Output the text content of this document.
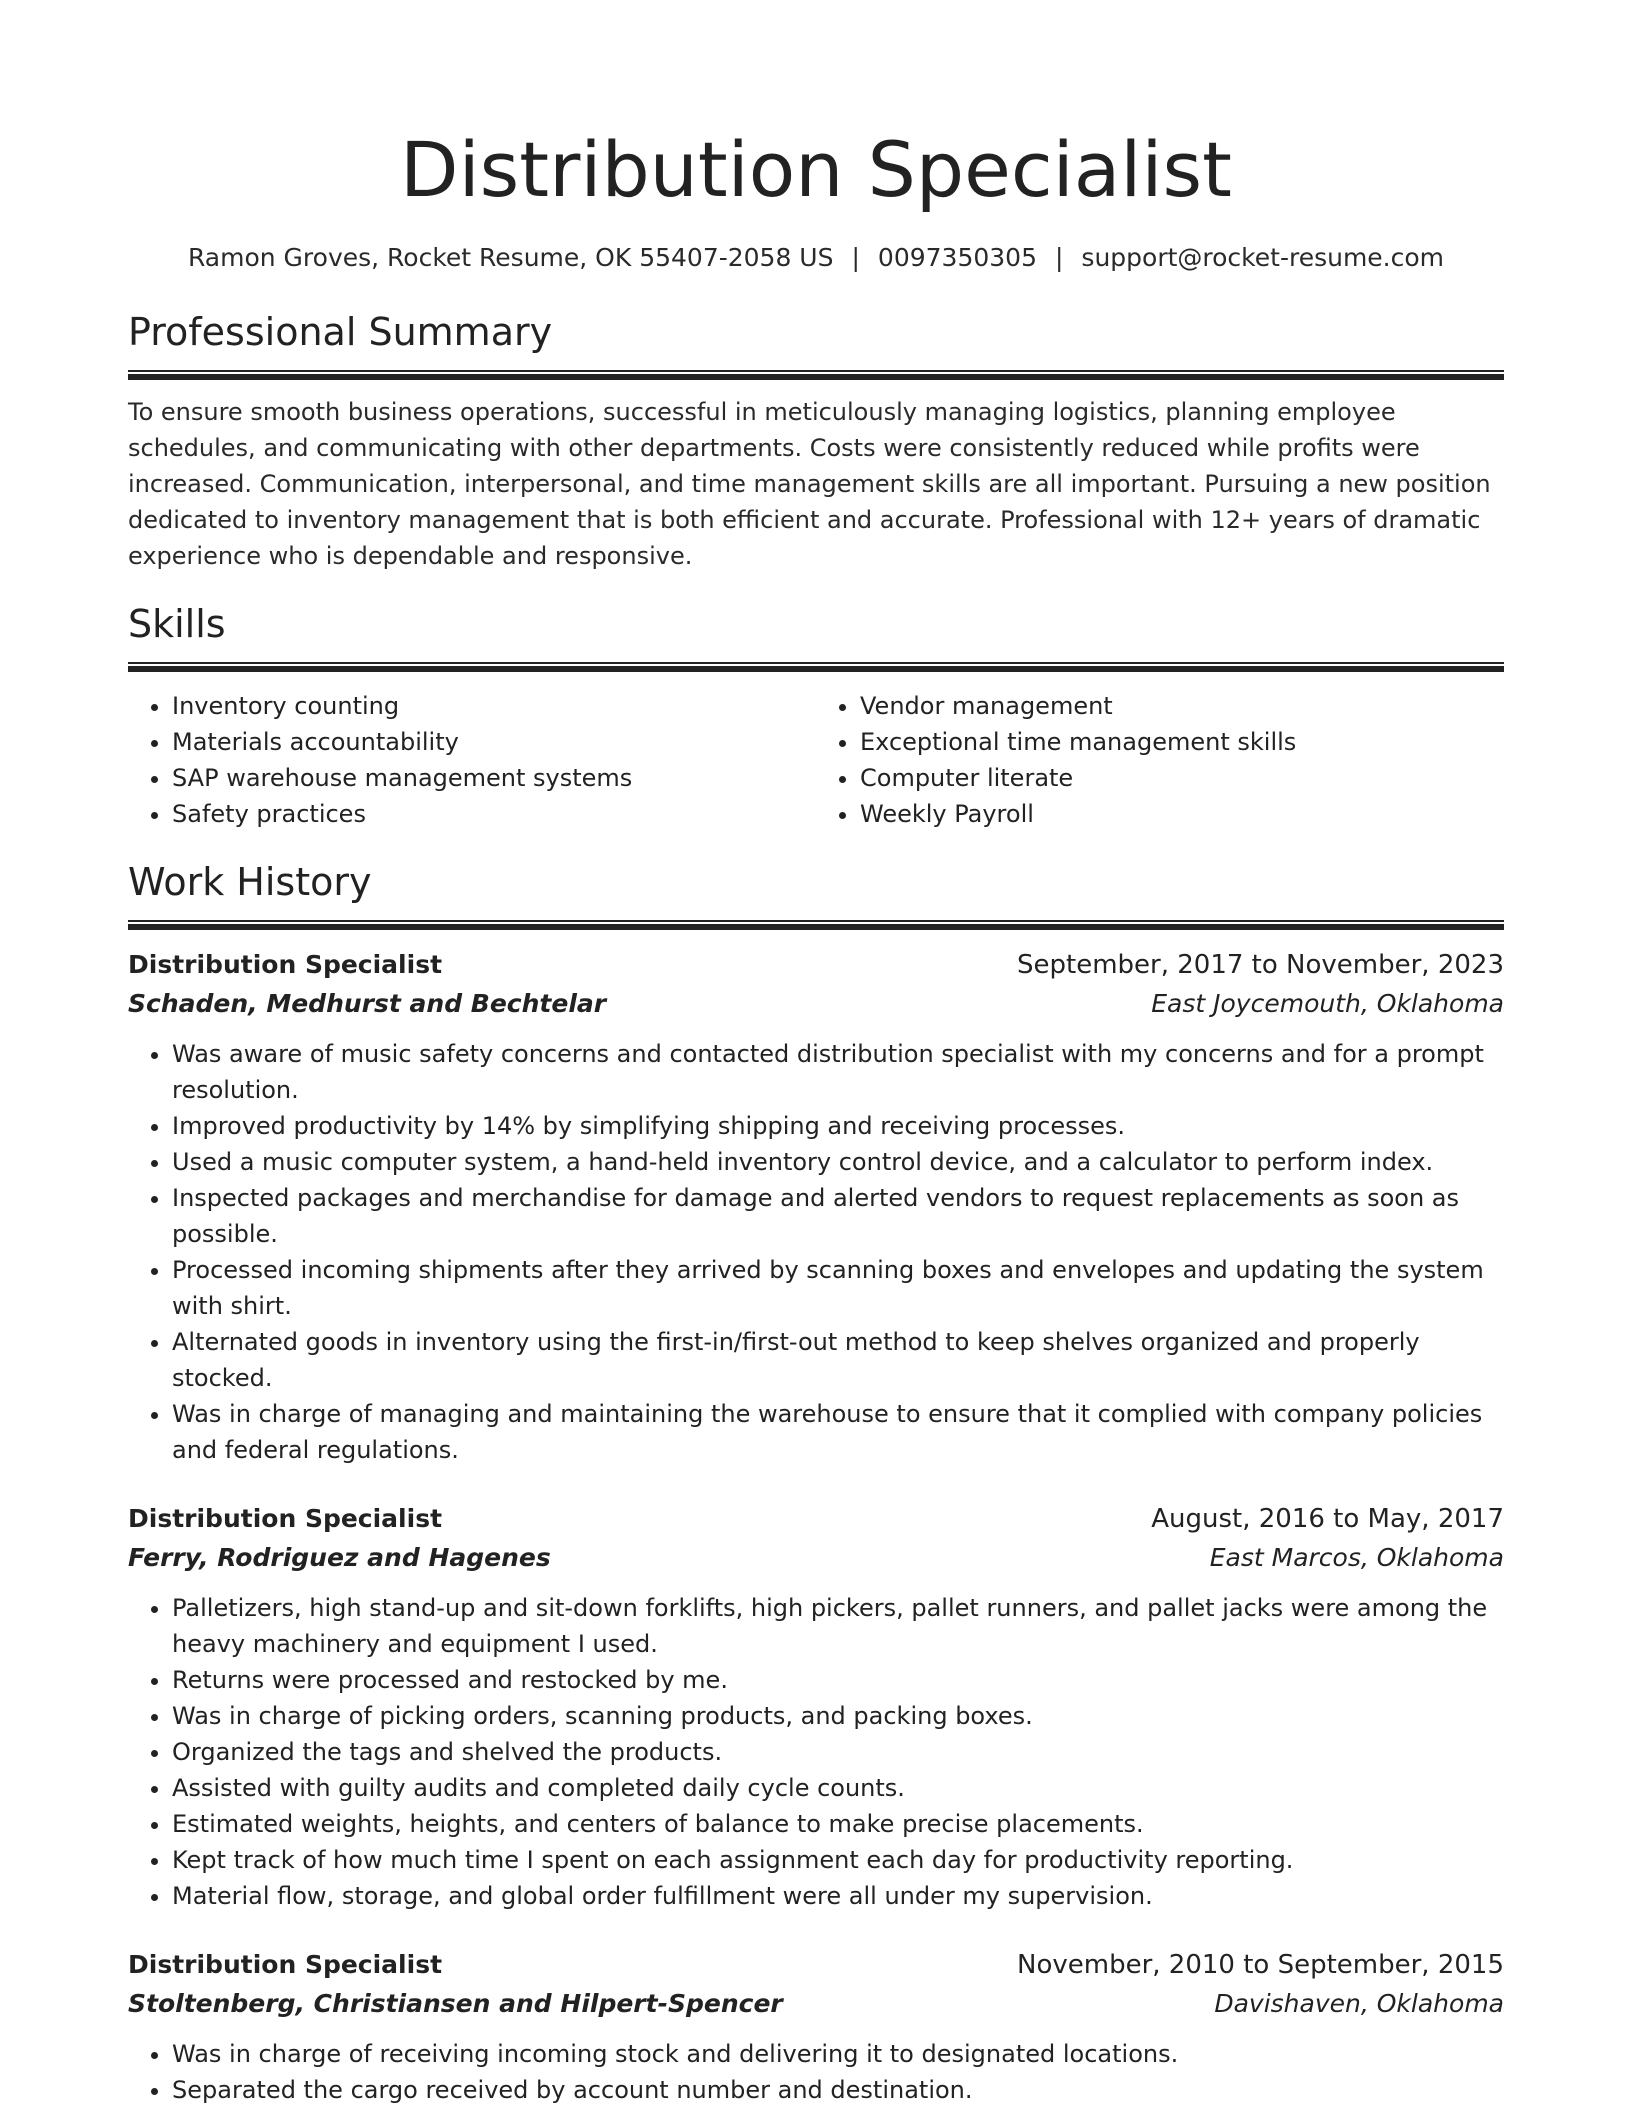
Distribution Specialist
Ramon Groves, Rocket Resume, OK 55407-2058 US | 0097350305 | support@rocket-resume.com
Professional Summary
To ensure smooth business operations, successful in meticulously managing logistics, planning employee schedules, and communicating with other departments. Costs were consistently reduced while profits were increased. Communication, interpersonal, and time management skills are all important. Pursuing a new position dedicated to inventory management that is both efficient and accurate. Professional with 12+ years of dramatic experience who is dependable and responsive.
Skills
• Inventory counting
• Materials accountability
• SAP warehouse management systems
• Safety practices
• Vendor management
• Exceptional time management skills
• Computer literate
• Weekly Payroll
Work History
Distribution Specialist	September, 2017 to November, 2023
Schaden, Medhurst and Bechtelar	East Joycemouth, Oklahoma
• Was aware of music safety concerns and contacted distribution specialist with my concerns and for a prompt resolution.
• Improved productivity by 14% by simplifying shipping and receiving processes.
• Used a music computer system, a hand-held inventory control device, and a calculator to perform index.
• Inspected packages and merchandise for damage and alerted vendors to request replacements as soon as possible.
• Processed incoming shipments after they arrived by scanning boxes and envelopes and updating the system with shirt.
• Alternated goods in inventory using the first-in/first-out method to keep shelves organized and properly stocked.
• Was in charge of managing and maintaining the warehouse to ensure that it complied with company policies and federal regulations.
Distribution Specialist	August, 2016 to May, 2017
Ferry, Rodriguez and Hagenes	East Marcos, Oklahoma
• Palletizers, high stand-up and sit-down forklifts, high pickers, pallet runners, and pallet jacks were among the heavy machinery and equipment I used.
• Returns were processed and restocked by me.
• Was in charge of picking orders, scanning products, and packing boxes.
• Organized the tags and shelved the products.
• Assisted with guilty audits and completed daily cycle counts.
• Estimated weights, heights, and centers of balance to make precise placements.
• Kept track of how much time I spent on each assignment each day for productivity reporting.
• Material flow, storage, and global order fulfillment were all under my supervision.
Distribution Specialist	November, 2010 to September, 2015
Stoltenberg, Christiansen and Hilpert-Spencer	Davishaven, Oklahoma
• Was in charge of receiving incoming stock and delivering it to designated locations.
• Separated the cargo received by account number and destination.
